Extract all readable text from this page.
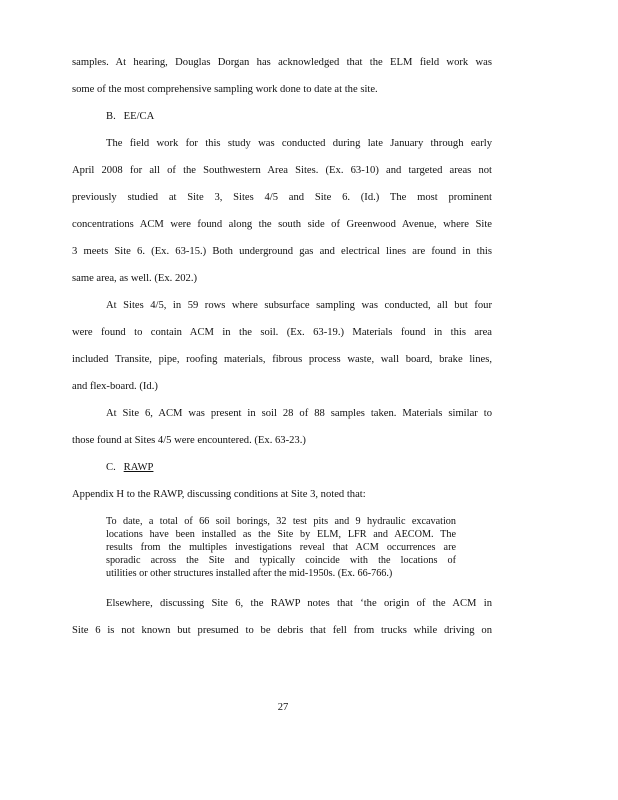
samples. At hearing, Douglas Dorgan has acknowledged that the ELM field work was
some of the most comprehensive sampling work done to date at the site.
B. EE/CA
The field work for this study was conducted during late January through early
April 2008 for all of the Southwestern Area Sites. (Ex. 63-10) and targeted areas not
previously studied at Site 3, Sites 4/5 and Site 6. (Id.) The most prominent
concentrations ACM were found along the south side of Greenwood Avenue, where Site
3 meets Site 6. (Ex. 63-15.) Both underground gas and electrical lines are found in this
same area, as well. (Ex. 202.)
At Sites 4/5, in 59 rows where subsurface sampling was conducted, all but four
were found to contain ACM in the soil. (Ex. 63-19.) Materials found in this area
included Transite, pipe, roofing materials, fibrous process waste, wall board, brake lines,
and flex-board. (Id.)
At Site 6, ACM was present in soil 28 of 88 samples taken. Materials similar to
those found at Sites 4/5 were encountered. (Ex. 63-23.)
C. RAWP
Appendix H to the RAWP, discussing conditions at Site 3, noted that:
To date, a total of 66 soil borings, 32 test pits and 9 hydraulic excavation
locations have been installed as the Site by ELM, LFR and AECOM. The
results from the multiples investigations reveal that ACM occurrences are
sporadic across the Site and typically coincide with the locations of
utilities or other structures installed after the mid-1950s. (Ex. 66-766.)
Elsewhere, discussing Site 6, the RAWP notes that ‘the origin of the ACM in
Site 6 is not known but presumed to be debris that fell from trucks while driving on
27
